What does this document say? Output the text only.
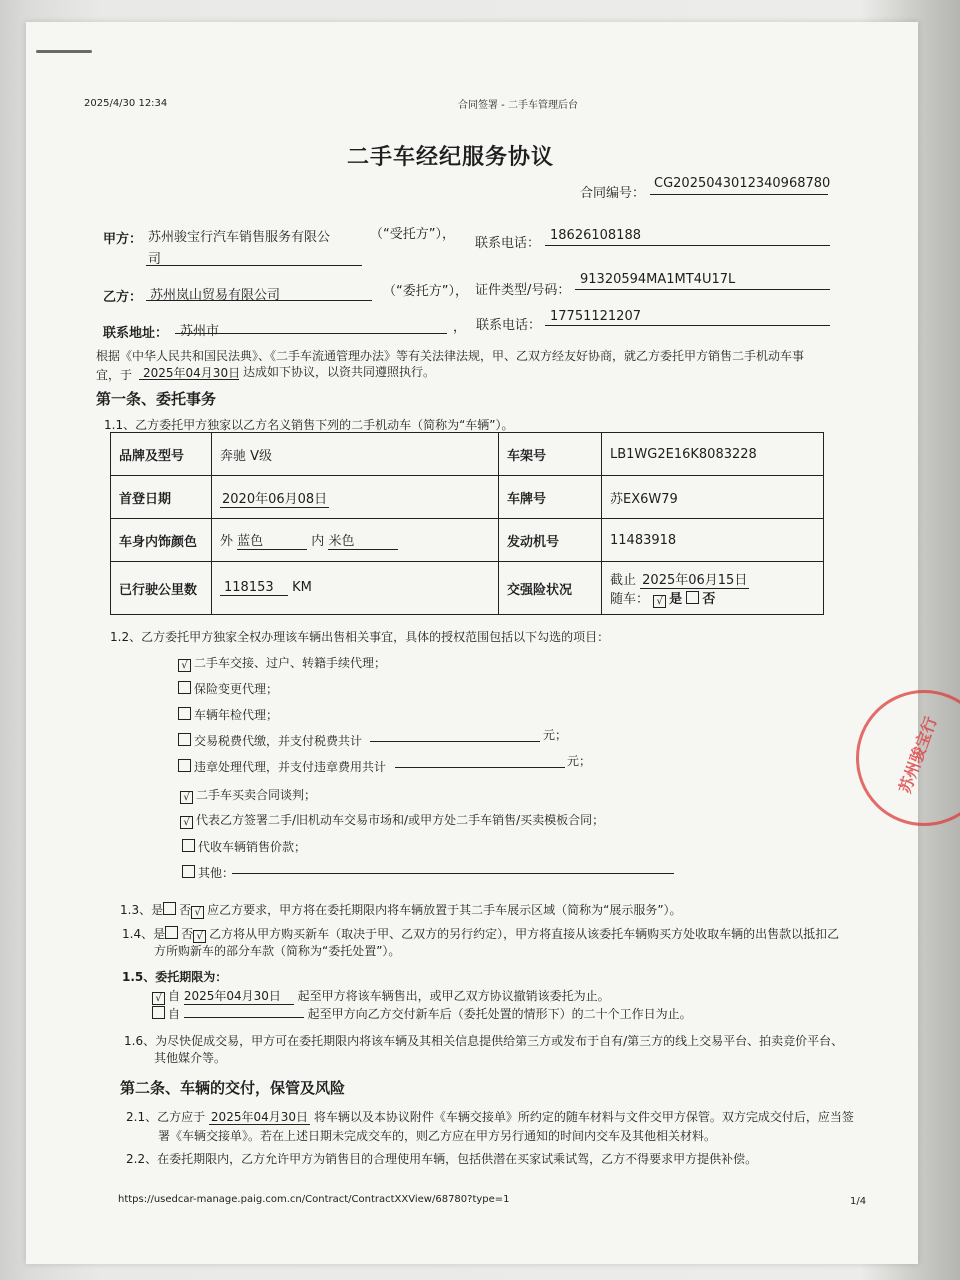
2025/4/30 12:34	合同签署 - 二手车管理后台
二手车经纪服务协议
合同编号：
CG2025043012340968780
甲方： 苏州骏宝行汽车销售服务有限公
司
（“受托方”），
联系电话：
18626108188
乙方： 苏州岚山贸易有限公司	（“委托方”）， 证件类型/号码：
91320594MA1MT4U17L
联系地址： 苏州市	， 联系电话：
17751121207
根据《中华人民共和国民法典》、《二手车流通管理办法》等有关法律法规，甲、乙双方经友好协商，就乙方委托甲方销售二手机动车事
宜，于 2025年04月30日 达成如下协议，以资共同遵照执行。
第一条、委托事务
1.1、乙方委托甲方独家以乙方名义销售下列的二手机动车（简称为“车辆”）。
品牌及型号	奔驰 V级	车架号	LB1WG2E16K8083228
首登日期	2020年06月08日	车牌号	苏EX6W79
车身内饰颜色	外 蓝色 内 米色	发动机号	11483918
已行驶公里数	118153 KM	交强险状况	截止 2025年06月15日
随车： √ 是 否
1.2、乙方委托甲方独家全权办理该车辆出售相关事宜，具体的授权范围包括以下勾选的项目：
√ 二手车交接、过户、转籍手续代理；
保险变更代理；
车辆年检代理；
交易税费代缴，并支付税费共计	元；
违章处理代理，并支付违章费用共计	元；
√ 二手车买卖合同谈判；
√ 代表乙方签署二手/旧机动车交易市场和/或甲方处二手车销售/买卖模板合同；
代收车辆销售价款；
其他：
1.3、是 否 √ 应乙方要求，甲方将在委托期限内将车辆放置于其二手车展示区域（简称为“展示服务”）。
1.4、是 否 √ 乙方将从甲方购买新车（取决于甲、乙双方的另行约定），甲方将直接从该委托车辆购买方处收取车辆的出售款以抵扣乙
方所购新车的部分车款（简称为“委托处置”）。
1.5、委托期限为：
√ 自 2025年04月30日 起至甲方将该车辆售出，或甲乙双方协议撤销该委托为止。
自	起至甲方向乙方交付新车后（委托处置的情形下）的二十个工作日为止。
1.6、为尽快促成交易，甲方可在委托期限内将该车辆及其相关信息提供给第三方或发布于自有/第三方的线上交易平台、拍卖竞价平台、
其他媒介等。
第二条、车辆的交付，保管及风险
2.1、乙方应于 2025年04月30日 将车辆以及本协议附件《车辆交接单》所约定的随车材料与文件交甲方保管。双方完成交付后，应当签
署《车辆交接单》。若在上述日期未完成交车的，则乙方应在甲方另行通知的时间内交车及其他相关材料。
2.2、在委托期限内，乙方允许甲方为销售目的合理使用车辆，包括供潜在买家试乘试驾，乙方不得要求甲方提供补偿。
https://usedcar-manage.paig.com.cn/Contract/ContractXXView/68780?type=1	1/4
苏州骏宝行
